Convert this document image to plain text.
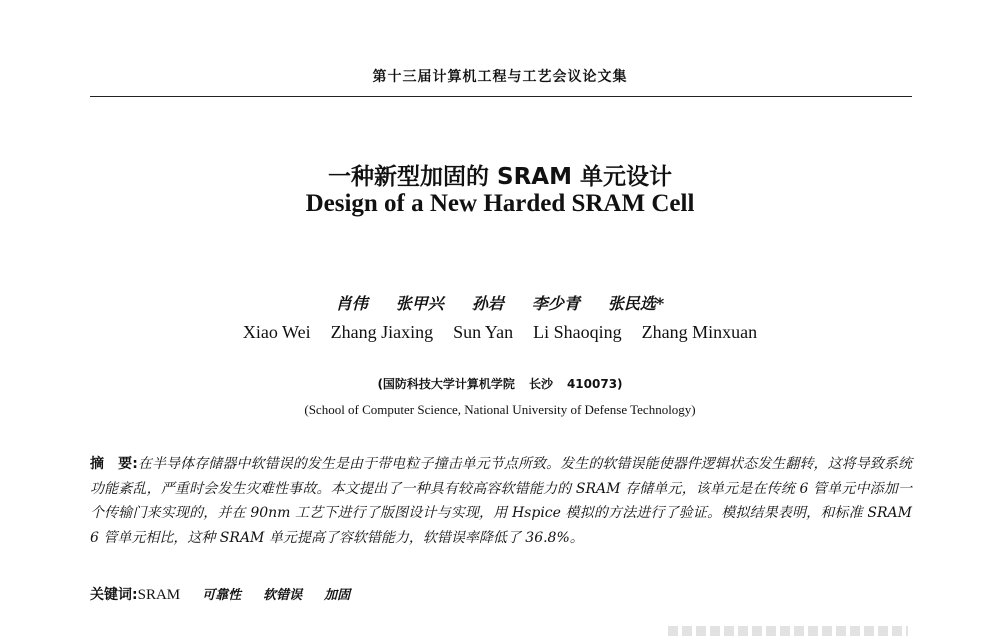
第十三届计算机工程与工艺会议论文集
一种新型加固的 SRAM 单元设计
Design of a New Harded SRAM Cell
肖伟 张甲兴 孙岩 李少青 张民选*
Xiao Wei Zhang Jiaxing Sun Yan Li Shaoqing Zhang Minxuan
(国防科技大学计算机学院 长沙 410073)
(School of Computer Science, National University of Defense Technology)
摘　要:在半导体存储器中软错误的发生是由于带电粒子撞击单元节点所致。发生的软错误能使器件逻辑状态发生翻转，这将导致系统功能紊乱，严重时会发生灾难性事故。本文提出了一种具有较高容软错能力的 SRAM 存储单元，该单元是在传统 6 管单元中添加一个传输门来实现的，并在 90nm 工艺下进行了版图设计与实现，用 Hspice 模拟的方法进行了验证。模拟结果表明，和标准 SRAM 6 管单元相比，这种 SRAM 单元提高了容软错能力，软错误率降低了 36.8%。
关键词: SRAM 可靠性 软错误 加固
